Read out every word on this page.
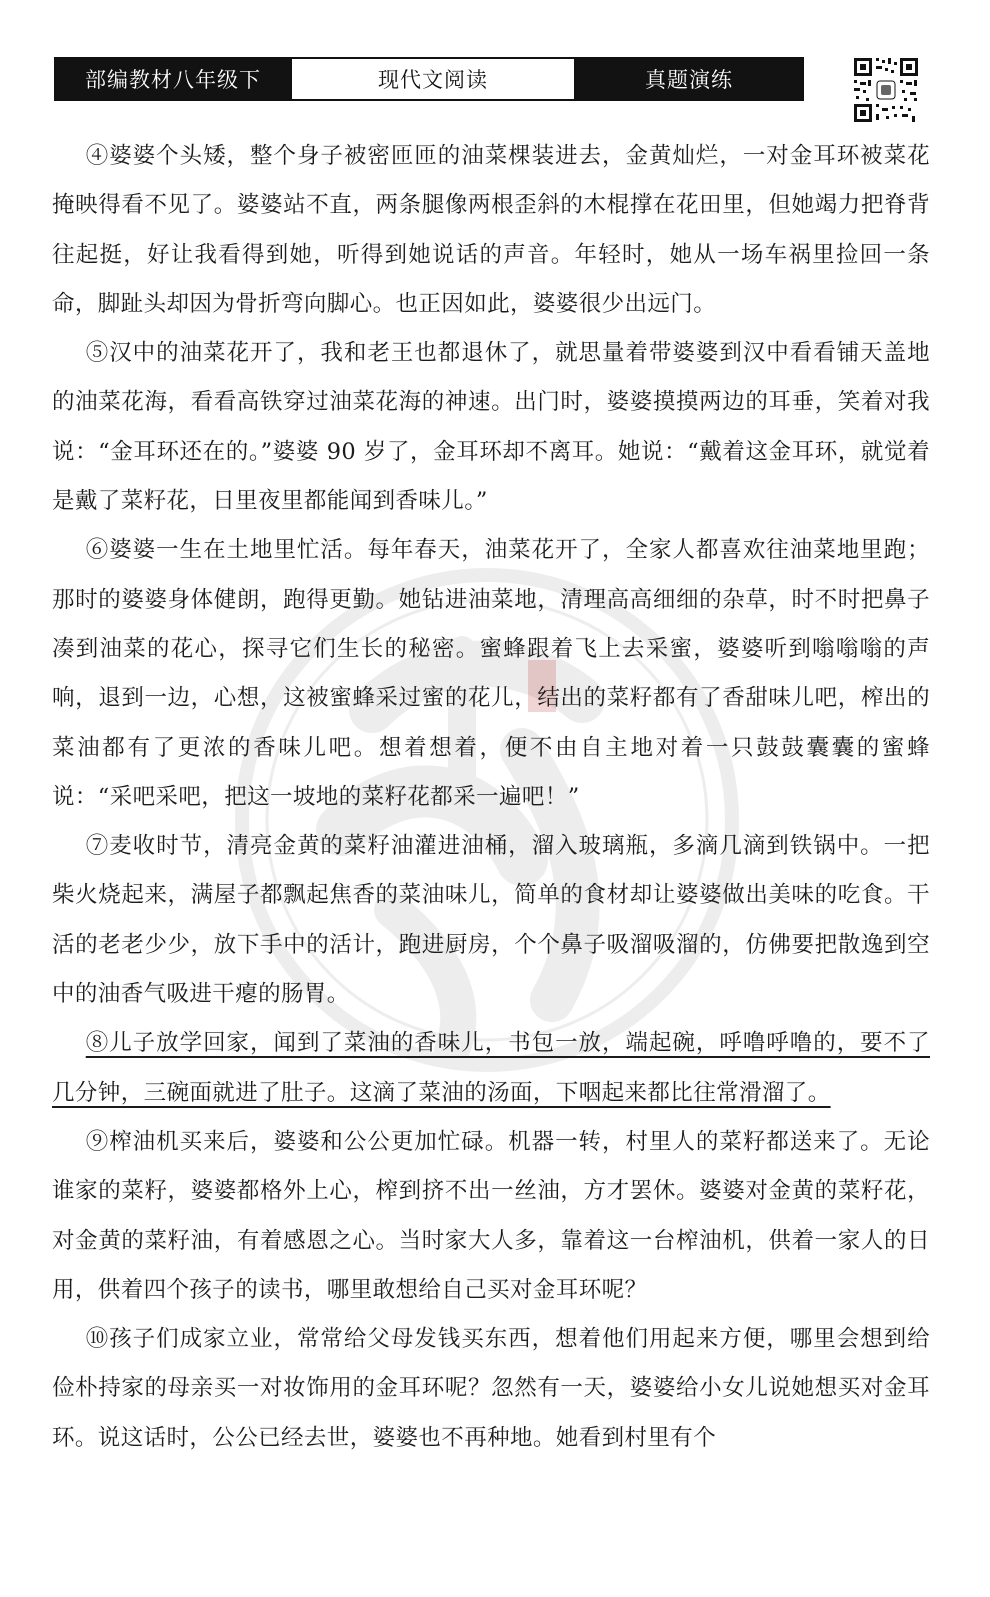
部编教材八年级下	现代文阅读	真题演练

④婆婆个头矮，整个身子被密匝匝的油菜棵装进去，金黄灿烂，一对金耳环被菜花掩映得看不见了。婆婆站不直，两条腿像两根歪斜的木棍撑在花田里，但她竭力把脊背往起挺，好让我看得到她，听得到她说话的声音。年轻时，她从一场车祸里捡回一条命，脚趾头却因为骨折弯向脚心。也正因如此，婆婆很少出远门。

⑤汉中的油菜花开了，我和老王也都退休了，就思量着带婆婆到汉中看看铺天盖地的油菜花海，看看高铁穿过油菜花海的神速。出门时，婆婆摸摸两边的耳垂，笑着对我说：“金耳环还在的。”婆婆 90 岁了，金耳环却不离耳。她说：“戴着这金耳环，就觉着是戴了菜籽花，日里夜里都能闻到香味儿。”

⑥婆婆一生在土地里忙活。每年春天，油菜花开了，全家人都喜欢往油菜地里跑；那时的婆婆身体健朗，跑得更勤。她钻进油菜地，清理高高细细的杂草，时不时把鼻子凑到油菜的花心，探寻它们生长的秘密。蜜蜂跟着飞上去采蜜，婆婆听到嗡嗡嗡的声响，退到一边，心想，这被蜜蜂采过蜜的花儿，结出的菜籽都有了香甜味儿吧，榨出的菜油都有了更浓的香味儿吧。想着想着，便不由自主地对着一只鼓鼓囊囊的蜜蜂说：“采吧采吧，把这一坡地的菜籽花都采一遍吧！”

⑦麦收时节，清亮金黄的菜籽油灌进油桶，溜入玻璃瓶，多滴几滴到铁锅中。一把柴火烧起来，满屋子都飘起焦香的菜油味儿，简单的食材却让婆婆做出美味的吃食。干活的老老少少，放下手中的活计，跑进厨房，个个鼻子吸溜吸溜的，仿佛要把散逸到空中的油香气吸进干瘪的肠胃。

⑧儿子放学回家，闻到了菜油的香味儿，书包一放，端起碗，呼噜呼噜的，要不了几分钟，三碗面就进了肚子。这滴了菜油的汤面，下咽起来都比往常滑溜了。

⑨榨油机买来后，婆婆和公公更加忙碌。机器一转，村里人的菜籽都送来了。无论谁家的菜籽，婆婆都格外上心，榨到挤不出一丝油，方才罢休。婆婆对金黄的菜籽花，对金黄的菜籽油，有着感恩之心。当时家大人多，靠着这一台榨油机，供着一家人的日用，供着四个孩子的读书，哪里敢想给自己买对金耳环呢？

⑩孩子们成家立业，常常给父母发钱买东西，想着他们用起来方便，哪里会想到给俭朴持家的母亲买一对妆饰用的金耳环呢？忽然有一天，婆婆给小女儿说她想买对金耳环。说这话时，公公已经去世，婆婆也不再种地。她看到村里有个
